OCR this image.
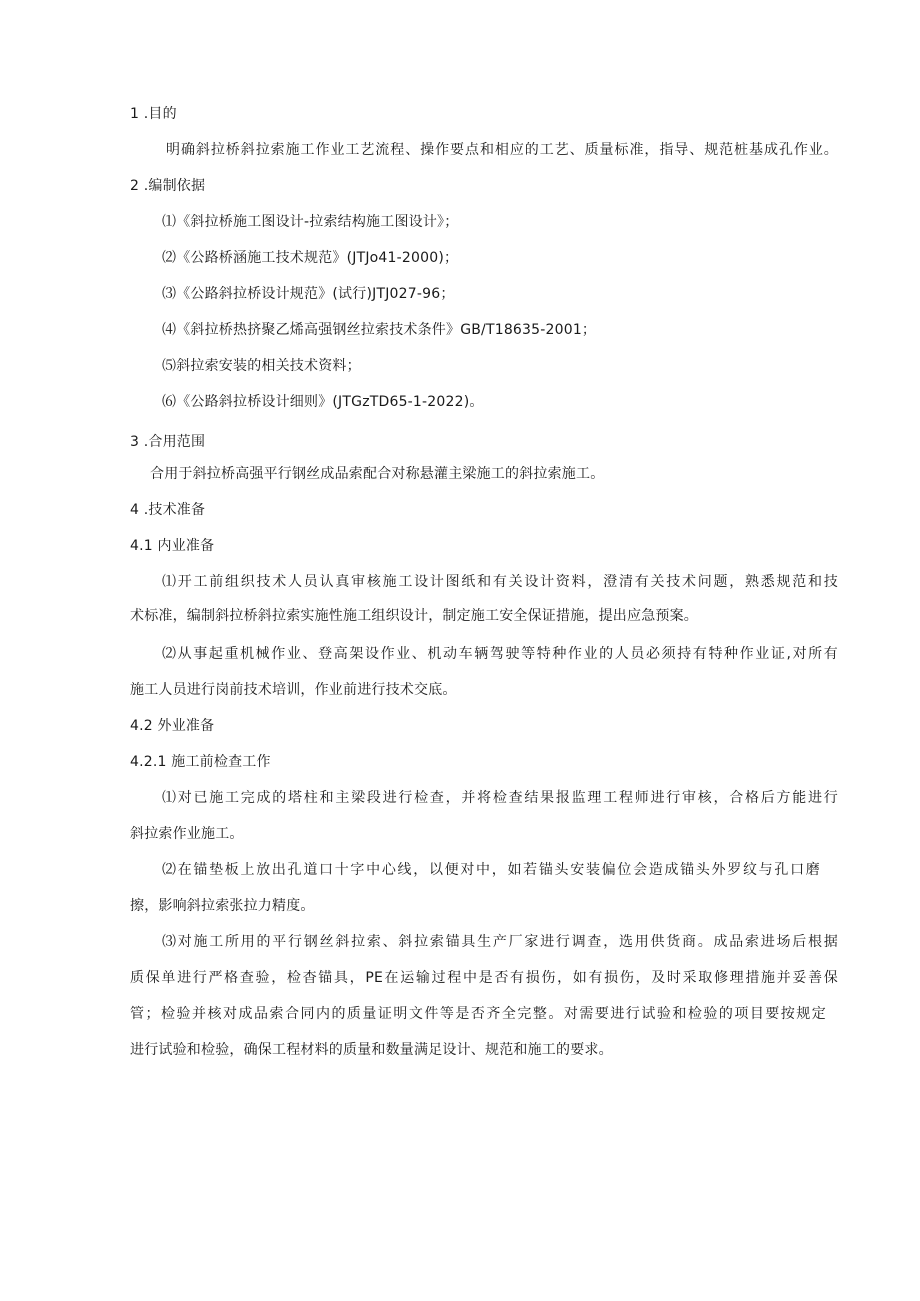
1 .目的
明确斜拉桥斜拉索施工作业工艺流程、操作要点和相应的工艺、质量标准，指导、规范桩基成孔作业。
2 .编制依据
⑴《斜拉桥施工图设计-拉索结构施工图设计》；
⑵《公路桥涵施工技术规范》(JTJo41-2000)；
⑶《公路斜拉桥设计规范》(试行)JTJ027-96；
⑷《斜拉桥热挤聚乙烯高强钢丝拉索技术条件》GB/T18635-2001；
⑸斜拉索安装的相关技术资料；
⑹《公路斜拉桥设计细则》(JTGzTD65-1-2022)。
3 .合用范围
合用于斜拉桥高强平行钢丝成品索配合对称悬灌主梁施工的斜拉索施工。
4 .技术准备
4.1 内业准备
⑴开工前组织技术人员认真审核施工设计图纸和有关设计资料，澄清有关技术问题，熟悉规范和技
术标准，编制斜拉桥斜拉索实施性施工组织设计，制定施工安全保证措施，提出应急预案。
⑵从事起重机械作业、登高架设作业、机动车辆驾驶等特种作业的人员必须持有特种作业证,对所有
施工人员进行岗前技术培训，作业前进行技术交底。
4.2 外业准备
4.2.1 施工前检查工作
⑴对已施工完成的塔柱和主梁段进行检查，并将检查结果报监理工程师进行审核，合格后方能进行
斜拉索作业施工。
⑵在锚垫板上放出孔道口十字中心线，以便对中，如若锚头安装偏位会造成锚头外罗纹与孔口磨
擦，影响斜拉索张拉力精度。
⑶对施工所用的平行钢丝斜拉索、斜拉索锚具生产厂家进行调查，选用供货商。成品索进场后根据
质保单进行严格查验，检杳锚具，PE在运输过程中是否有损伤，如有损伤，及时采取修理措施并妥善保
管；检验并核对成品索合同内的质量证明文件等是否齐全完整。对需要进行试验和检验的项目要按规定
进行试验和检验，确保工程材料的质量和数量满足设计、规范和施工的要求。
